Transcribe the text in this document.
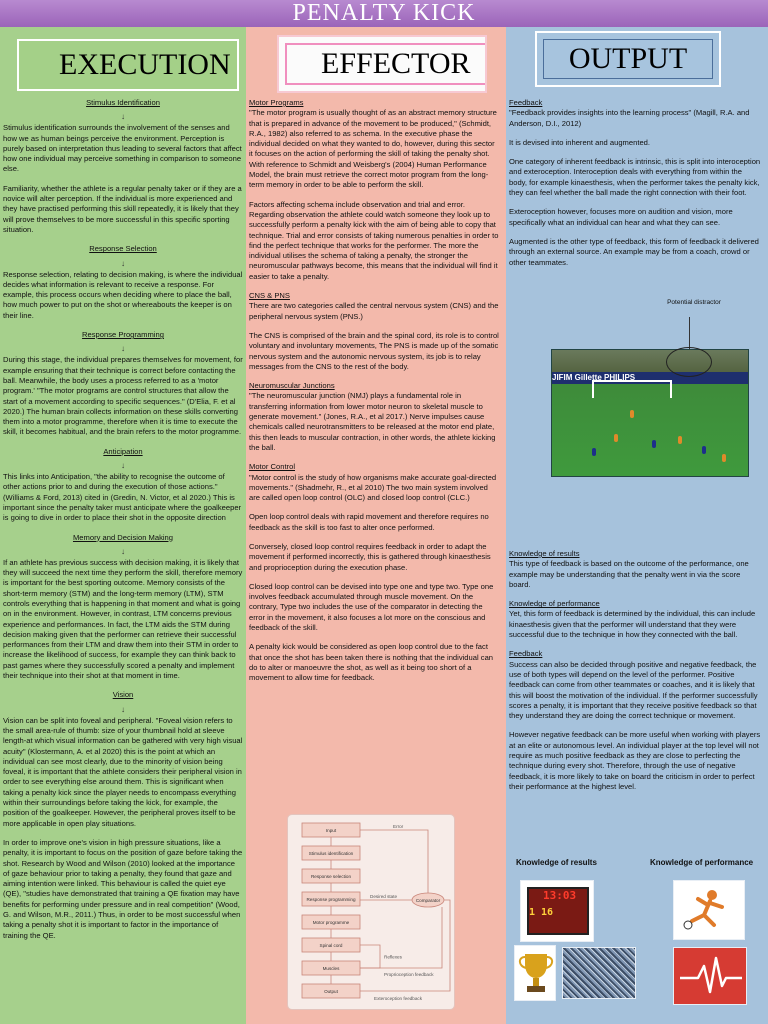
PENALTY KICK
EXECUTION
Stimulus Identification
↓

Stimulus identification surrounds the involvement of the senses and how we as human beings perceive the environment. Perception is purely based on interpretation thus leading to several factors that affect how one individual may perceive something in comparison to someone else.

Familiarity, whether the athlete is a regular penalty taker or if they are a novice will alter perception. If the individual is more experienced and they have practised performing this skill repeatedly, it is likely that they will prove themselves to be more successful in this specific sporting situation.

Response Selection
↓

Response selection, relating to decision making, is where the individual decides what information is relevant to receive a response. For example, this process occurs when deciding where to place the ball, how much power to put on the shot or whereabouts the keeper is on their line.

Response Programming
↓

During this stage, the individual prepares themselves for movement, for example ensuring that their technique is correct before contacting the ball. Meanwhile, the body uses a process referred to as a 'motor program.' "The motor programs are control structures that allow the start of a movement according to specific sequences." (D'Elia, F. et al 2020.) The human brain collects information on these skills converting them into a motor programme, therefore when it is time to execute the skill, it becomes habitual, and the brain refers to the motor programme.

Anticipation
↓

This links into Anticipation, "the ability to recognise the outcome of other actions prior to and during the execution of those actions." (Williams & Ford, 2013) cited in (Gredin, N. Victor, et al 2020.) This is important since the penalty taker must anticipate where the goalkeeper is going to dive in order to place their shot in the opposite direction

Memory and Decision Making
↓

If an athlete has previous success with decision making, it is likely that they will succeed the next time they perform the skill, therefore memory is important for the best sporting outcome. Memory consists of the short-term memory (STM) and the long-term memory (LTM), STM controls everything that is happening in that moment and what is going on in the environment. However, in contrast, LTM concerns previous experience and performances. In fact, the LTM aids the STM during decision making given that the performer can retrieve their successful performances from their LTM and draw them into their STM in order to increase the likelihood of success, for example they can think back to past games where they successfully scored a penalty and implement their technique into their shot at that moment in time.

Vision
↓

Vision can be split into foveal and peripheral. "Foveal vision refers to the small area-rule of thumb: size of your thumbnail hold at sleeve length-at which visual information can be gathered with very high visual acuity" (Klostermann, A. et al 2020) this is the point at which an individual can see most clearly, due to the minority of vision being foveal, it is important that the athlete considers their peripheral vision in order to see everything else around them. This is significant when taking a penalty kick since the player needs to encompass everything within their surroundings before taking the kick, for example, the position of the goalkeeper. However, the peripheral proves itself to be more applicable in open play situations.

In order to improve one's vision in high pressure situations, like a penalty, it is important to focus on the position of gaze before taking the shot. Research by Wood and Wilson (2010) looked at the importance of gaze behaviour prior to taking a penalty, they found that gaze and aiming intention were linked. This behaviour is called the quiet eye (QE), "studies have demonstrated that training a QE fixation may have benefits for performing under pressure and in real competition" (Wood, G. and Wilson, M.R., 2011.) Thus, in order to be most successful when taking a penalty shot it is important to factor in the importance of training the QE.

EFFECTOR
Motor Programs

"The motor program is usually thought of as an abstract memory structure that is prepared in advance of the movement to be produced," (Schmidt, R.A., 1982) also referred to as schema. In the executive phase the individual decided on what they wanted to do, however, during this sector it focuses on the action of performing the skill of taking the penalty shot. With reference to Schmidt and Weisberg's (2004) Human Performance Model, the brain must retrieve the correct motor program from the long-term memory in order to be able to perform the skill.

Factors affecting schema include observation and trial and error. Regarding observation the athlete could watch someone they look up to successfully perform a penalty kick with the aim of being able to copy that technique. Trial and error consists of taking numerous penalties in order to find the perfect technique that works for the performer. The more the individual utilises the schema of taking a penalty, the stronger the neuromuscular pathways become, this means that the individual will find it easier to take a penalty.

CNS & PNS

There are two categories called the central nervous system (CNS) and the peripheral nervous system (PNS.)

The CNS is comprised of the brain and the spinal cord, its role is to control voluntary and involuntary movements, The PNS is made up of the somatic nervous system and the autonomic nervous system, its job is to relay messages from the CNS to the rest of the body.

Neuromuscular Junctions

"The neuromuscular junction (NMJ) plays a fundamental role in transferring information from lower motor neuron to skeletal muscle to generate movement." (Jones, R.A., et al 2017.) Nerve impulses cause chemicals called neurotransmitters to be released at the motor end plate, this then leads to muscular contraction, in other words, the athlete kicking the ball.

Motor Control

"Motor control is the study of how organisms make accurate goal-directed movements." (Shadmehr, R., et al 2010) The two main system involved are called open loop control (OLC) and closed loop control (CLC.)

Open loop control deals with rapid movement and therefore requires no feedback as the skill is too fast to alter once performed.

Conversely, closed loop control requires feedback in order to adapt the movement if performed incorrectly, this is gathered through kinaesthesis and proprioception during the execution phase.

Closed loop control can be devised into type one and type two. Type one involves feedback accumulated through muscle movement. On the contrary, Type two includes the use of the comparator in detecting the error in the movement, it also focuses a lot more on the conscious and feedback of the skill.

A penalty kick would be considered as open loop control due to the fact that once the shot has been taken there is nothing that the individual can do to alter or manoeuvre the shot, as well as it being too short of a movement to allow time for feedback.

Input
Stimulus identification
Response selection
Response programming
Motor programme
Spinal cord
Muscles
Output
Comparator
Error
Desired state
Reflexes
Proprioception feedback
Exteroception feedback
OUTPUT
Feedback

"Feedback provides insights into the learning process" (Magill, R.A. and Anderson, D.I., 2012)

It is devised into inherent and augmented.

One category of inherent feedback is intrinsic, this is split into interoception and exteroception. Interoception deals with everything from within the body, for example kinaesthesis, when the performer takes the penalty kick, they can feel whether the ball made the right connection with their foot.

Exteroception however, focuses more on audition and vision, more specifically what an individual can hear and what they can see.

Augmented is the other type of feedback, this form of feedback it delivered through an external source. An example may be from a coach, crowd or other teammates.

Potential distractor
JIFIM Gillette PHILIPS
Knowledge of results

This type of feedback is based on the outcome of the performance, one example may be understanding that the penalty went in via the score board.

Knowledge of performance

Yet, this form of feedback is determined by the individual, this can include kinaesthesis given that the performer will understand that they were successful due to the technique in how they connected with the ball.

Feedback

Success can also be decided through positive and negative feedback, the use of both types will depend on the level of the performer. Positive feedback can come from other teammates or coaches, and it is likely that this will boost the motivation of the individual. If the performer successfully scores a penalty, it is important that they receive positive feedback so that they understand they are doing the correct technique or movement.

However negative feedback can be more useful when working with players at an elite or autonomous level. An individual player at the top level will not require as much positive feedback as they are close to perfecting the technique during every shot. Therefore, through the use of negative feedback, it is more likely to take on board the criticism in order to perfect their performance at the highest level.

Knowledge of results	Knowledge of performance
13:03
1 16
